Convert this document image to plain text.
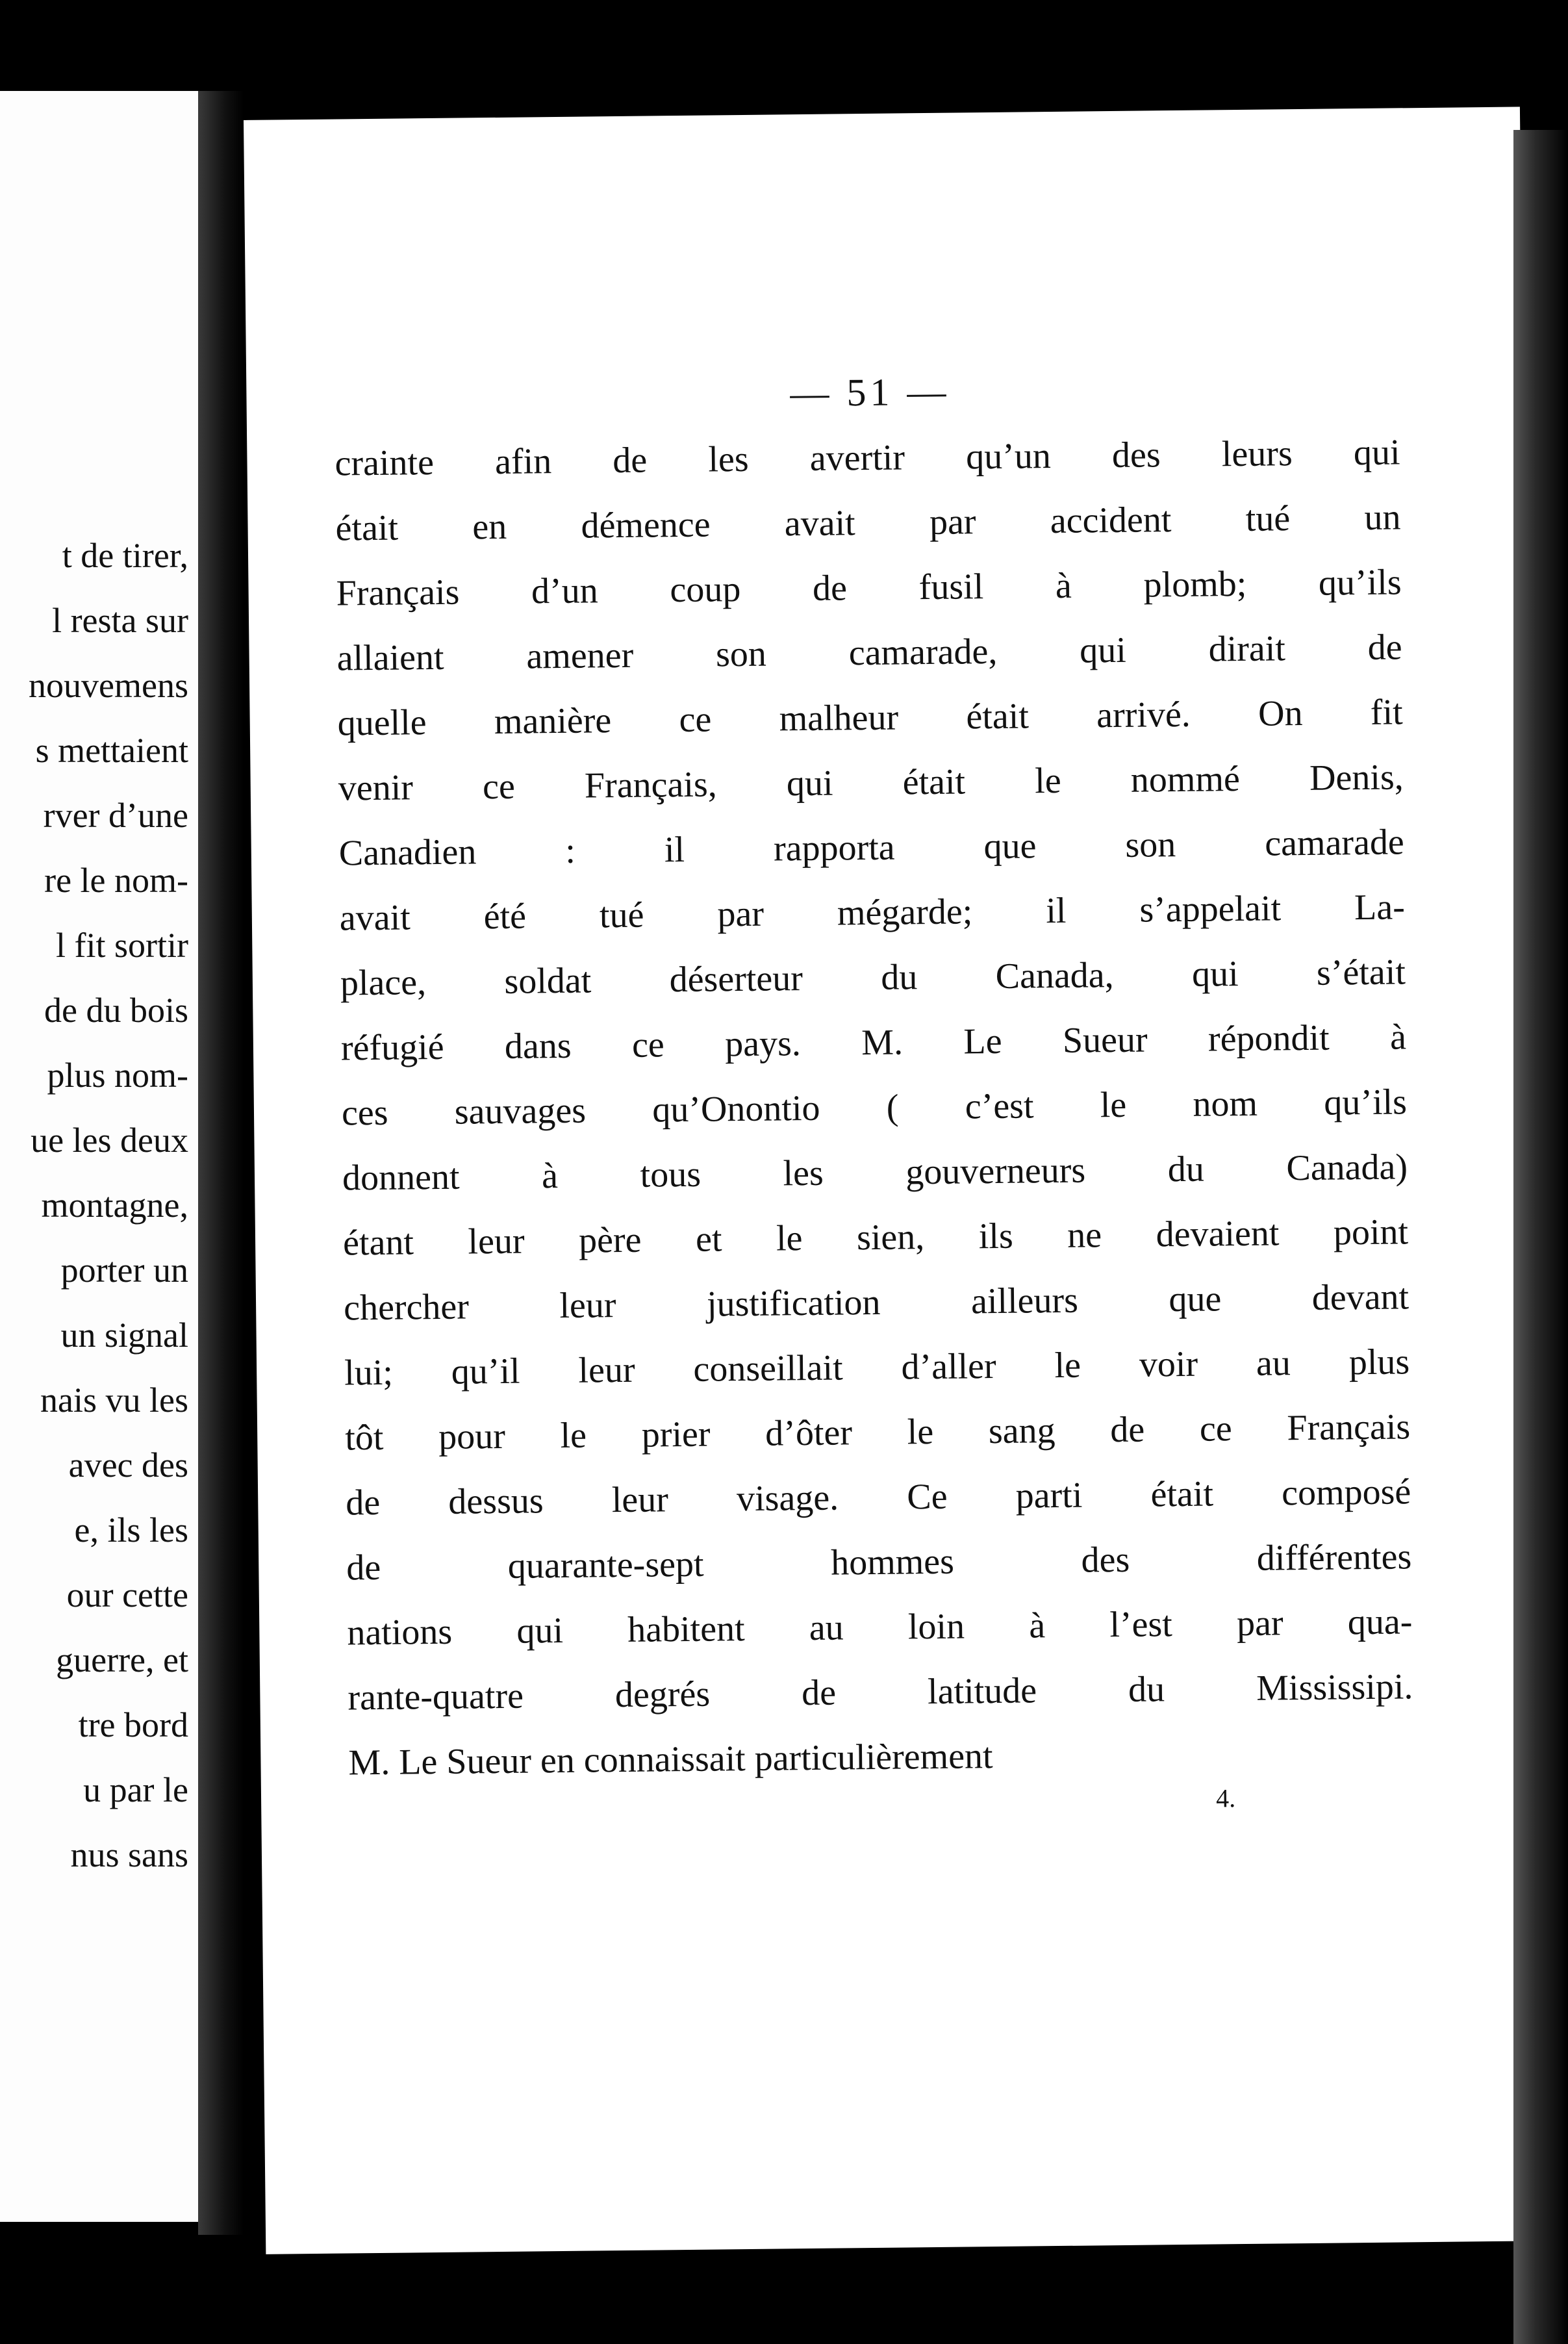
t de tirer,
l resta sur
nouvemens
s mettaient
rver d’une
re le nom-
l fit sortir
de du bois
plus nom-
ue les deux
montagne,
porter un
un signal
nais vu les
avec des
e, ils les
our cette
guerre, et
tre bord
u par le
nus sans
— 51 —
crainte afin de les avertir qu’un des leurs qui
était en démence avait par accident tué un
Français d’un coup de fusil à plomb; qu’ils
allaient amener son camarade, qui dirait de
quelle manière ce malheur était arrivé. On fit
venir ce Français, qui était le nommé Denis,
Canadien : il rapporta que son camarade
avait été tué par mégarde; il s’appelait La-
place, soldat déserteur du Canada, qui s’était
réfugié dans ce pays. M. Le Sueur répondit à
ces sauvages qu’Onontio ( c’est le nom qu’ils
donnent à tous les gouverneurs du Canada)
étant leur père et le sien, ils ne devaient point
chercher leur justification ailleurs que devant
lui; qu’il leur conseillait d’aller le voir au plus
tôt pour le prier d’ôter le sang de ce Français
de dessus leur visage. Ce parti était composé
de quarante-sept hommes des différentes
nations qui habitent au loin à l’est par qua-
rante-quatre degrés de latitude du Mississipi.
M. Le Sueur en connaissait particulièrement
4.
